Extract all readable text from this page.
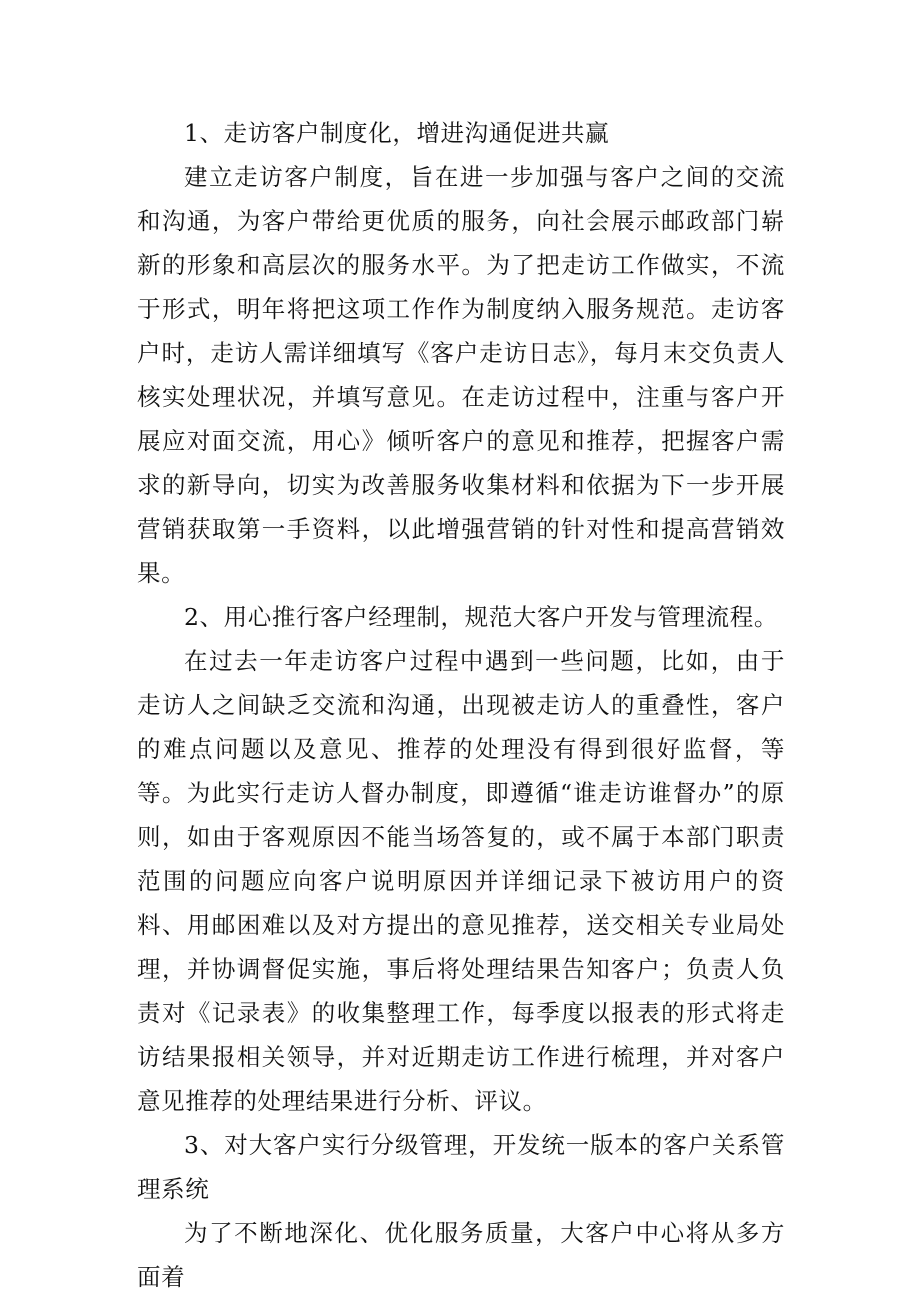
1、走访客户制度化，增进沟通促进共赢

建立走访客户制度，旨在进一步加强与客户之间的交流和沟通，为客户带给更优质的服务，向社会展示邮政部门崭新的形象和高层次的服务水平。为了把走访工作做实，不流于形式，明年将把这项工作作为制度纳入服务规范。走访客户时，走访人需详细填写《客户走访日志》，每月末交负责人核实处理状况，并填写意见。在走访过程中，注重与客户开展应对面交流，用心》倾听客户的意见和推荐，把握客户需求的新导向，切实为改善服务收集材料和依据为下一步开展营销获取第一手资料，以此增强营销的针对性和提高营销效果。

2、用心推行客户经理制，规范大客户开发与管理流程。

在过去一年走访客户过程中遇到一些问题，比如，由于走访人之间缺乏交流和沟通，出现被走访人的重叠性，客户的难点问题以及意见、推荐的处理没有得到很好监督，等等。为此实行走访人督办制度，即遵循“谁走访谁督办”的原则，如由于客观原因不能当场答复的，或不属于本部门职责范围的问题应向客户说明原因并详细记录下被访用户的资料、用邮困难以及对方提出的意见推荐，送交相关专业局处理，并协调督促实施，事后将处理结果告知客户；负责人负责对《记录表》的收集整理工作，每季度以报表的形式将走访结果报相关领导，并对近期走访工作进行梳理，并对客户意见推荐的处理结果进行分析、评议。

3、对大客户实行分级管理，开发统一版本的客户关系管理系统

为了不断地深化、优化服务质量，大客户中心将从多方面着
